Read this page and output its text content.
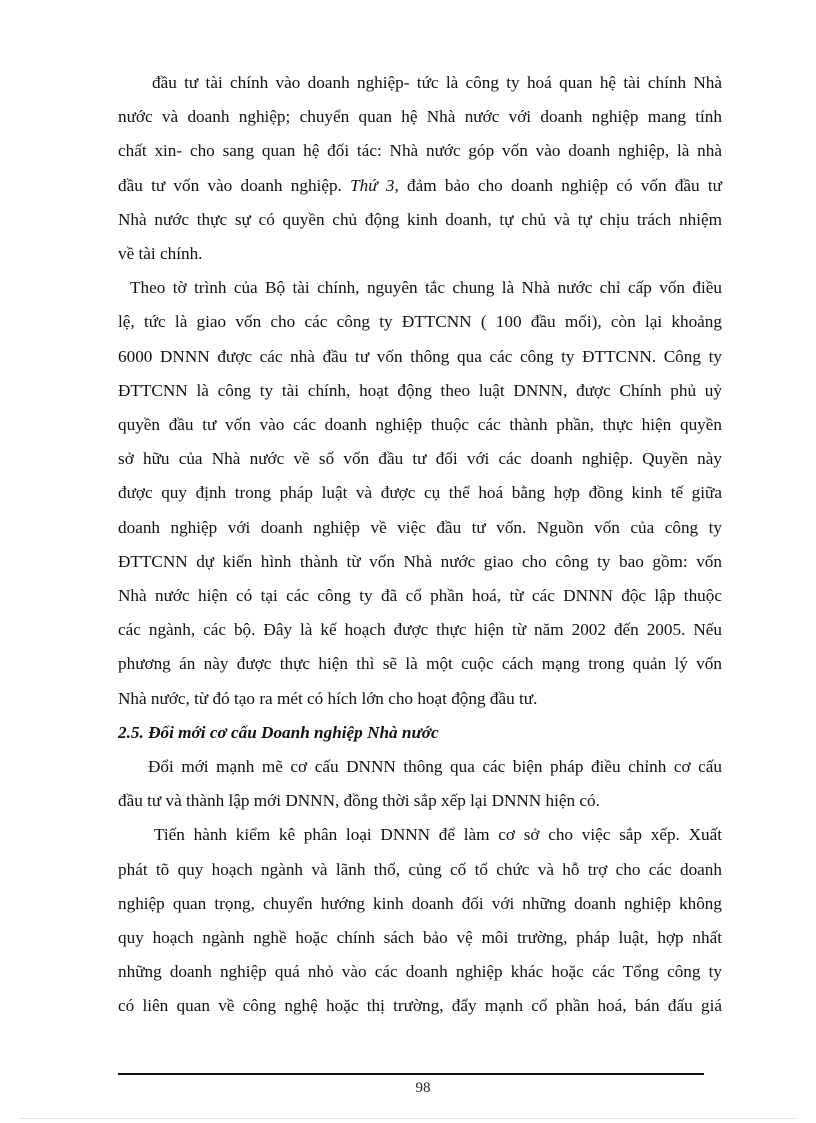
đầu tư tài chính vào doanh nghiệp- tức là công ty hoá quan hệ tài chính Nhà
nước và doanh nghiệp; chuyển quan hệ Nhà nước với doanh nghiệp mang tính
chất xin- cho sang quan hệ đối tác: Nhà nước góp vốn vào doanh nghiệp, là nhà
đầu tư vốn vào doanh nghiệp. Thứ 3, đảm bảo cho doanh nghiệp có vốn đầu tư
Nhà nước thực sự có quyền chủ động kinh doanh, tự chủ và tự chịu trách nhiệm
về tài chính.
Theo tờ trình của Bộ tài chính, nguyên tắc chung là Nhà nước chỉ cấp vốn điều
lệ, tức là giao vốn cho các công ty ĐTTCNN ( 100 đầu mối), còn lại khoảng
6000 DNNN được các nhà đầu tư vốn thông qua các công ty ĐTTCNN. Công ty
ĐTTCNN là công ty tài chính, hoạt động theo luật DNNN, được Chính phủ uỷ
quyền đầu tư vốn vào các doanh nghiệp thuộc các thành phần, thực hiện quyền
sở hữu của Nhà nước về số vốn đầu tư đối với các doanh nghiệp. Quyền này
được quy định trong pháp luật và được cụ thể hoá bằng hợp đồng kinh tế giữa
doanh nghiệp với doanh nghiệp về việc đầu tư vốn. Nguồn vốn của công ty
ĐTTCNN dự kiến hình thành từ vốn Nhà nước giao cho công ty bao gồm: vốn
Nhà nước hiện có tại các công ty đã cổ phần hoá, từ các DNNN độc lập thuộc
các ngành, các bộ. Đây là kế hoạch được thực hiện từ năm 2002 đến 2005. Nếu
phương án này được thực hiện thì sẽ là một cuộc cách mạng trong quản lý vốn
Nhà nước, từ đó tạo ra mét có hích lớn cho hoạt động đầu tư.
2.5. Đổi mới cơ cấu Doanh nghiệp Nhà nước
Đổi mới mạnh mẽ cơ cấu DNNN thông qua các biện pháp điều chỉnh cơ cấu
đầu tư và thành lập mới DNNN, đồng thời sắp xếp lại DNNN hiện có.
Tiến hành kiểm kê phân loại DNNN để làm cơ sở cho việc sắp xếp. Xuất
phát tõ quy hoạch ngành và lãnh thổ, củng cố tổ chức và hỗ trợ cho các doanh
nghiệp quan trọng, chuyển hướng kinh doanh đối với những doanh nghiệp không
quy hoạch ngành nghề hoặc chính sách bảo vệ môi trường, pháp luật, hợp nhất
những doanh nghiệp quá nhỏ vào các doanh nghiệp khác hoặc các Tổng công ty
có liên quan về công nghệ hoặc thị trường, đẩy mạnh cổ phần hoá, bán đấu giá
98
